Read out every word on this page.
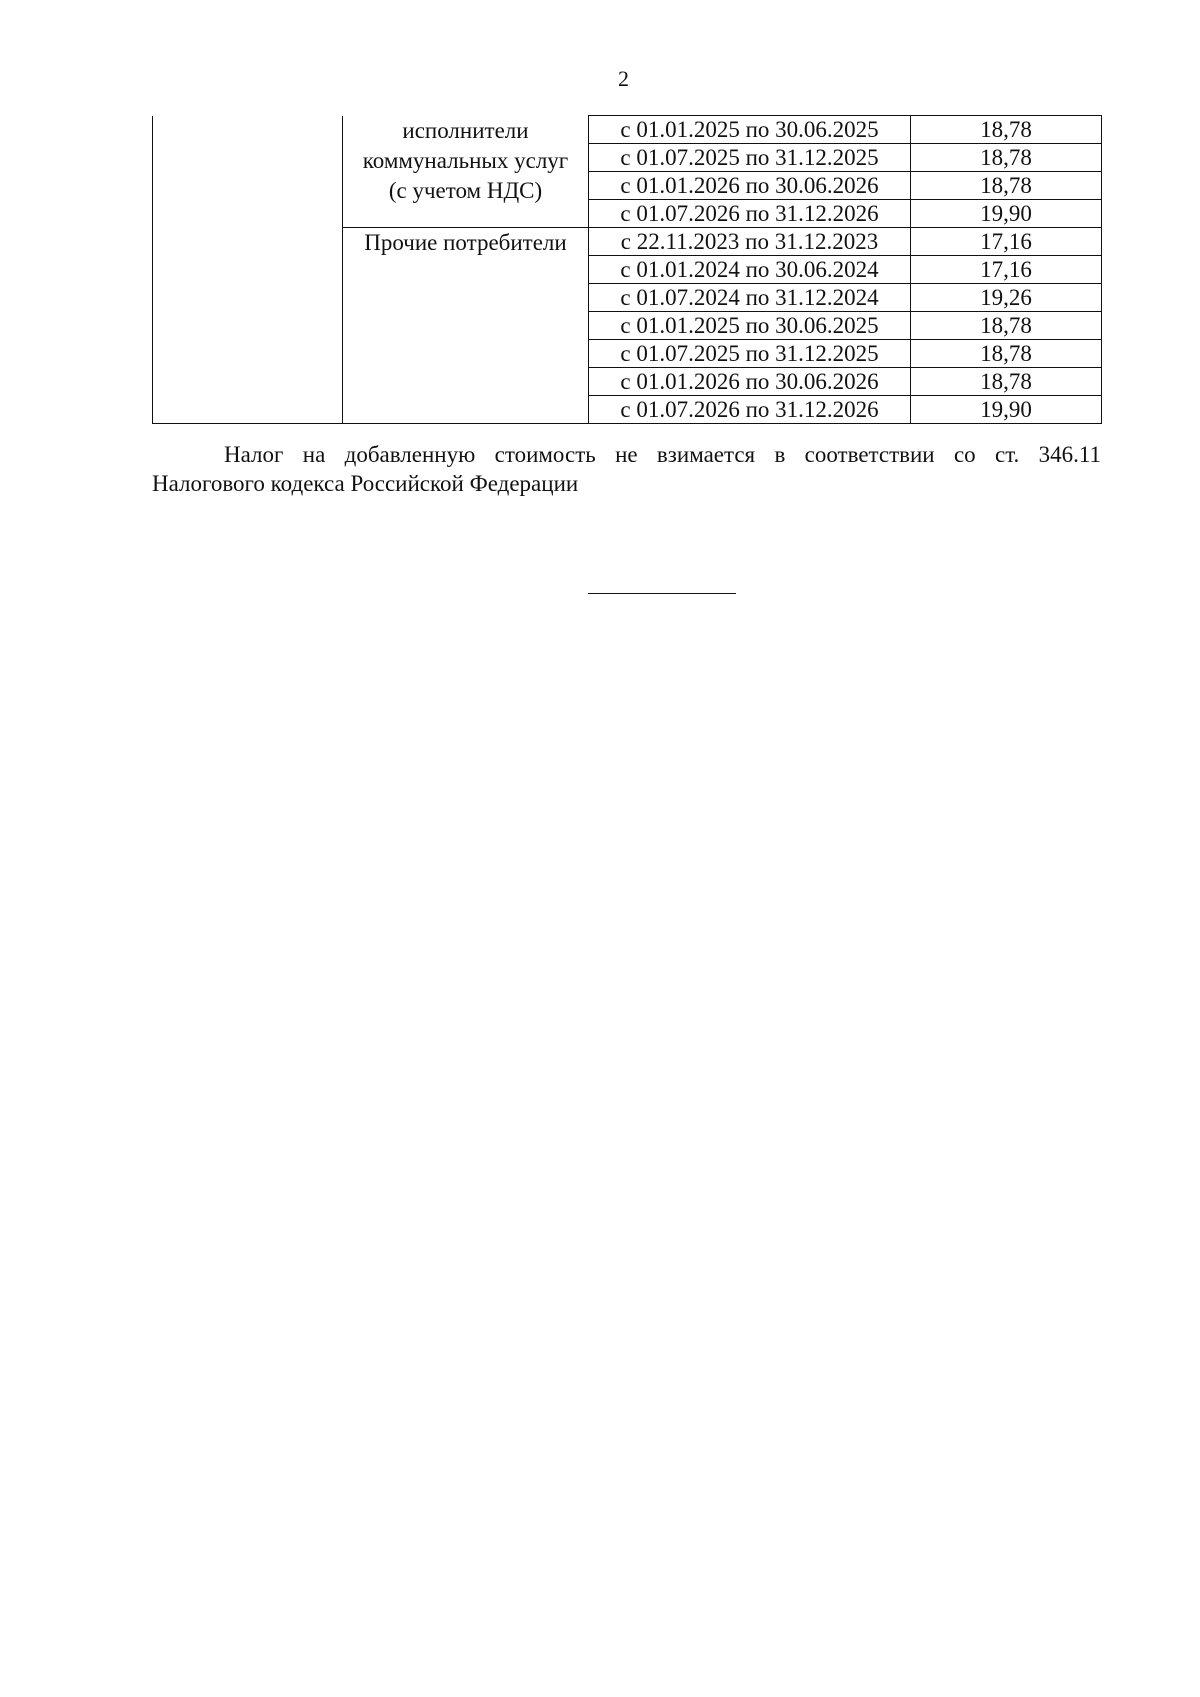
2

	исполнители
коммунальных услуг
(с учетом НДС)	с 01.01.2025 по 30.06.2025	18,78
		с 01.07.2025 по 31.12.2025	18,78
		с 01.01.2026 по 30.06.2026	18,78
		с 01.07.2026 по 31.12.2026	19,90

	Прочие потребители	с 22.11.2023 по 31.12.2023	17,16
		с 01.01.2024 по 30.06.2024	17,16
		с 01.07.2024 по 31.12.2024	19,26
		с 01.01.2025 по 30.06.2025	18,78
		с 01.07.2025 по 31.12.2025	18,78
		с 01.01.2026 по 30.06.2026	18,78
		с 01.07.2026 по 31.12.2026	19,90
Налог на добавленную стоимость не взимается в соответствии со ст. 346.11
Налогового кодекса Российской Федерации
